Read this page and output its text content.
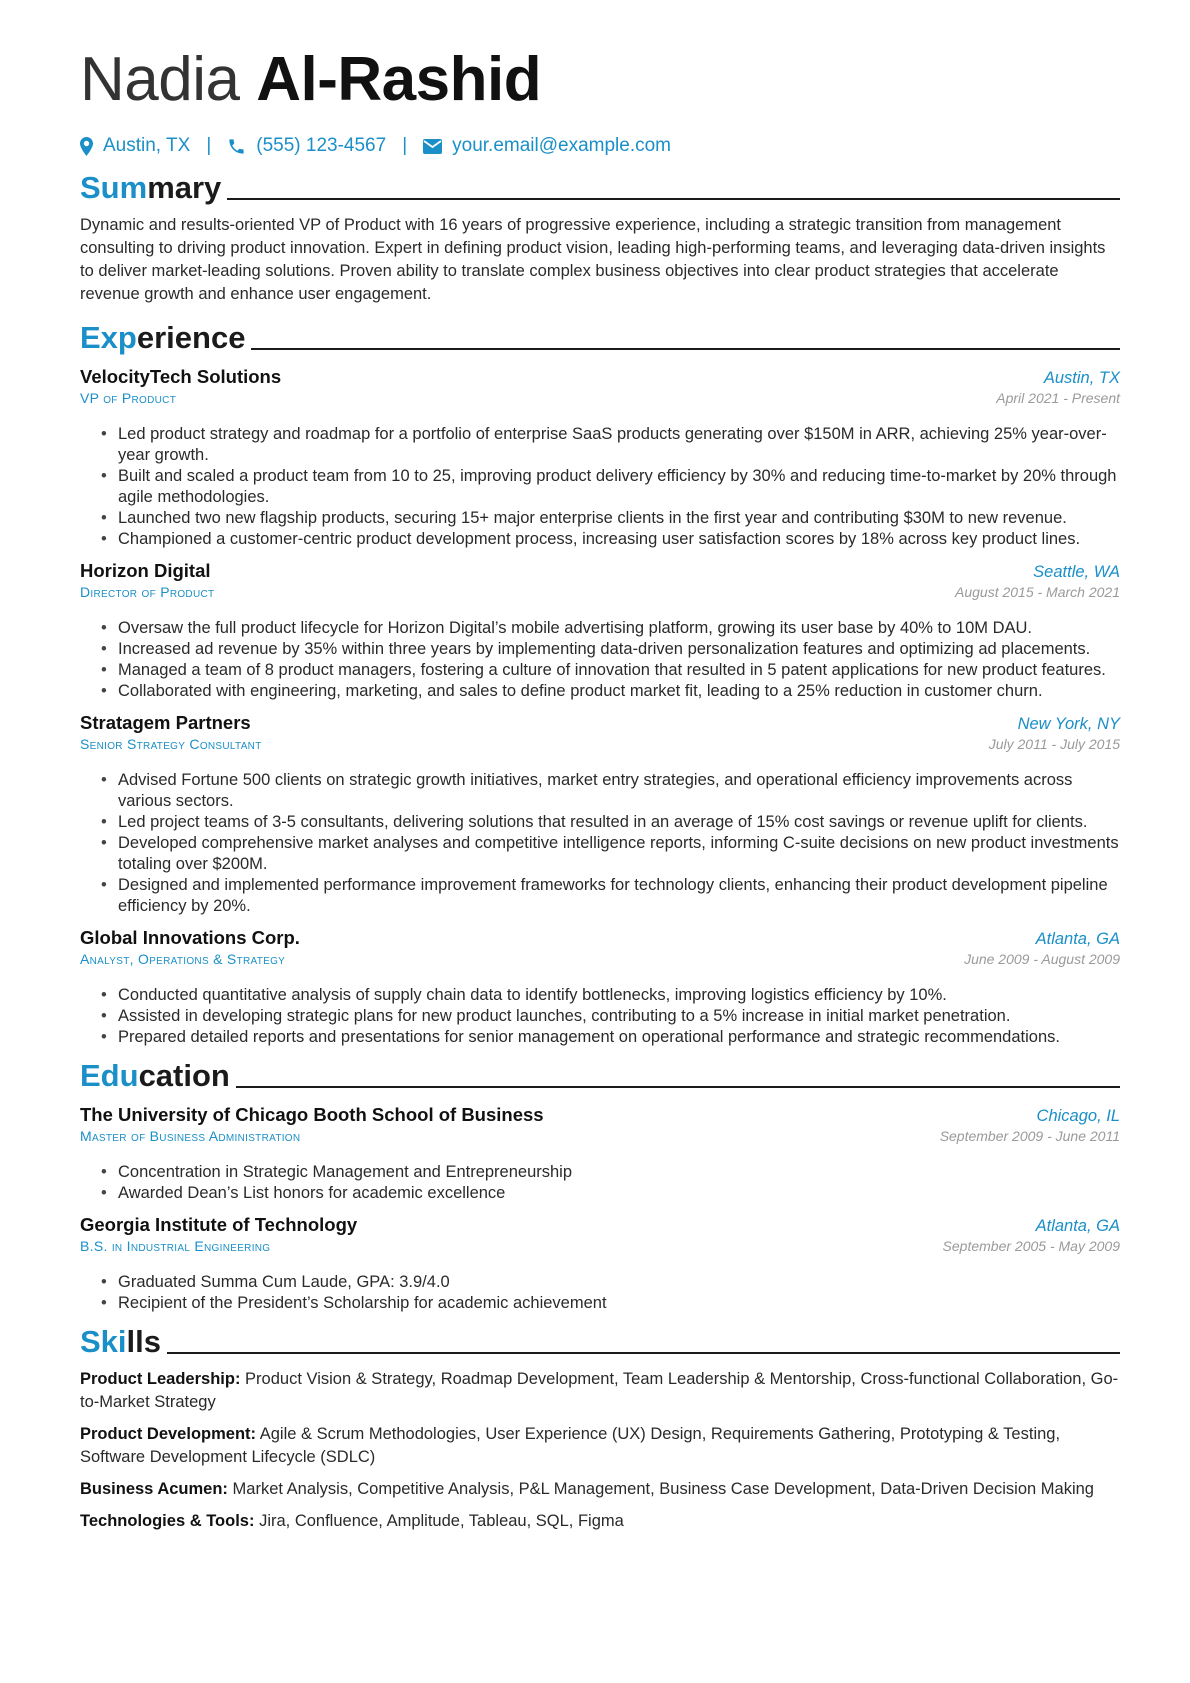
Nadia Al-Rashid
Austin, TX | (555) 123-4567 | your.email@example.com
Summary
Dynamic and results-oriented VP of Product with 16 years of progressive experience, including a strategic transition from management consulting to driving product innovation. Expert in defining product vision, leading high-performing teams, and leveraging data-driven insights to deliver market-leading solutions. Proven ability to translate complex business objectives into clear product strategies that accelerate revenue growth and enhance user engagement.
Experience
VelocityTech Solutions	Austin, TX
VP of Product	April 2021 - Present
• Led product strategy and roadmap for a portfolio of enterprise SaaS products generating over $150M in ARR, achieving 25% year-over-year growth.
• Built and scaled a product team from 10 to 25, improving product delivery efficiency by 30% and reducing time-to-market by 20% through agile methodologies.
• Launched two new flagship products, securing 15+ major enterprise clients in the first year and contributing $30M to new revenue.
• Championed a customer-centric product development process, increasing user satisfaction scores by 18% across key product lines.
Horizon Digital	Seattle, WA
Director of Product	August 2015 - March 2021
• Oversaw the full product lifecycle for Horizon Digital’s mobile advertising platform, growing its user base by 40% to 10M DAU.
• Increased ad revenue by 35% within three years by implementing data-driven personalization features and optimizing ad placements.
• Managed a team of 8 product managers, fostering a culture of innovation that resulted in 5 patent applications for new product features.
• Collaborated with engineering, marketing, and sales to define product market fit, leading to a 25% reduction in customer churn.
Stratagem Partners	New York, NY
Senior Strategy Consultant	July 2011 - July 2015
• Advised Fortune 500 clients on strategic growth initiatives, market entry strategies, and operational efficiency improvements across various sectors.
• Led project teams of 3-5 consultants, delivering solutions that resulted in an average of 15% cost savings or revenue uplift for clients.
• Developed comprehensive market analyses and competitive intelligence reports, informing C-suite decisions on new product investments totaling over $200M.
• Designed and implemented performance improvement frameworks for technology clients, enhancing their product development pipeline efficiency by 20%.
Global Innovations Corp.	Atlanta, GA
Analyst, Operations & Strategy	June 2009 - August 2009
• Conducted quantitative analysis of supply chain data to identify bottlenecks, improving logistics efficiency by 10%.
• Assisted in developing strategic plans for new product launches, contributing to a 5% increase in initial market penetration.
• Prepared detailed reports and presentations for senior management on operational performance and strategic recommendations.
Education
The University of Chicago Booth School of Business	Chicago, IL
Master of Business Administration	September 2009 - June 2011
• Concentration in Strategic Management and Entrepreneurship
• Awarded Dean’s List honors for academic excellence
Georgia Institute of Technology	Atlanta, GA
B.S. in Industrial Engineering	September 2005 - May 2009
• Graduated Summa Cum Laude, GPA: 3.9/4.0
• Recipient of the President’s Scholarship for academic achievement
Skills
Product Leadership: Product Vision & Strategy, Roadmap Development, Team Leadership & Mentorship, Cross-functional Collaboration, Go-to-Market Strategy
Product Development: Agile & Scrum Methodologies, User Experience (UX) Design, Requirements Gathering, Prototyping & Testing, Software Development Lifecycle (SDLC)
Business Acumen: Market Analysis, Competitive Analysis, P&L Management, Business Case Development, Data-Driven Decision Making
Technologies & Tools: Jira, Confluence, Amplitude, Tableau, SQL, Figma
